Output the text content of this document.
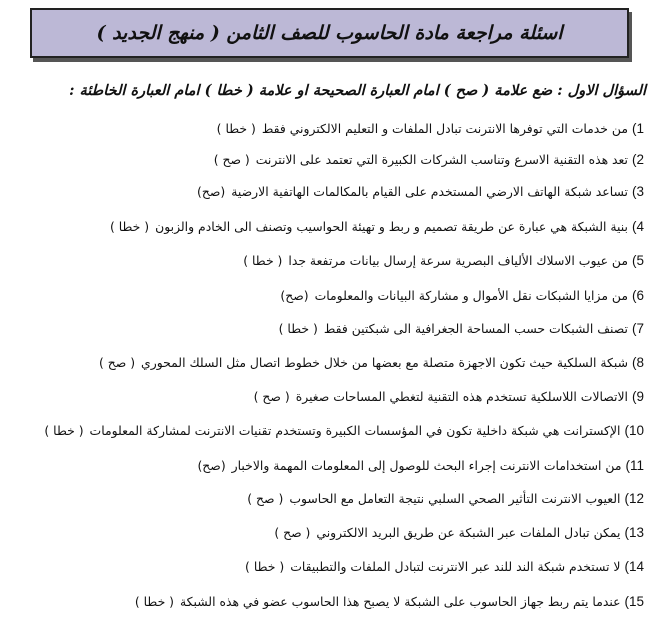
اسئلة مراجعة مادة الحاسوب للصف الثامن ( منهج الجديد )
السؤال الاول : ضع علامة ( صح ) امام العبارة الصحيحة او علامة ( خطا ) امام العبارة الخاطئة :
1)من خدمات التي توفرها الانترنت تبادل الملفات و التعليم الالكتروني فقط( خطا )
2)تعد هذه التقنية الاسرع وتناسب الشركات الكبيرة التي تعتمد على الانترنت( صح )
3)تساعد شبكة الهاتف الارضي المستخدم على القيام بالمكالمات الهاتفية الارضية(صح)
4)بنية الشبكة هي عبارة عن طريقة تصميم و ربط و تهيئة الحواسيب وتصنف الى الخادم والزبون( خطا )
5)من عيوب الاسلاك الألياف البصرية سرعة إرسال بيانات مرتفعة جدا( خطا )
6)من مزايا الشبكات نقل الأموال و مشاركة البيانات والمعلومات(صح)
7)تصنف الشبكات حسب المساحة الجغرافية الى شبكتين فقط( خطا )
8)شبكة السلكية حيث تكون الاجهزة متصلة مع بعضها من خلال خطوط اتصال مثل السلك المحوري( صح )
9)الاتصالات اللاسلكية تستخدم هذه التقنية لتغطي المساحات صغيرة( صح )
10)الإكسترانت هي شبكة داخلية تكون في المؤسسات الكبيرة وتستخدم تقنيات الانترنت لمشاركة المعلومات( خطا )
11)من استخدامات الانترنت إجراء البحث للوصول إلى المعلومات المهمة والاخبار(صح)
12)العيوب الانترنت التأثير الصحي السلبي نتيجة التعامل مع الحاسوب( صح )
13)يمكن تبادل الملفات عبر الشبكة عن طريق البريد الالكتروني( صح )
14)لا تستخدم شبكة الند للند عبر الانترنت لتبادل الملفات والتطبيقات( خطا )
15)عندما يتم ربط جهاز الحاسوب على الشبكة لا يصبح هذا الحاسوب عضو في هذه الشبكة( خطا )
